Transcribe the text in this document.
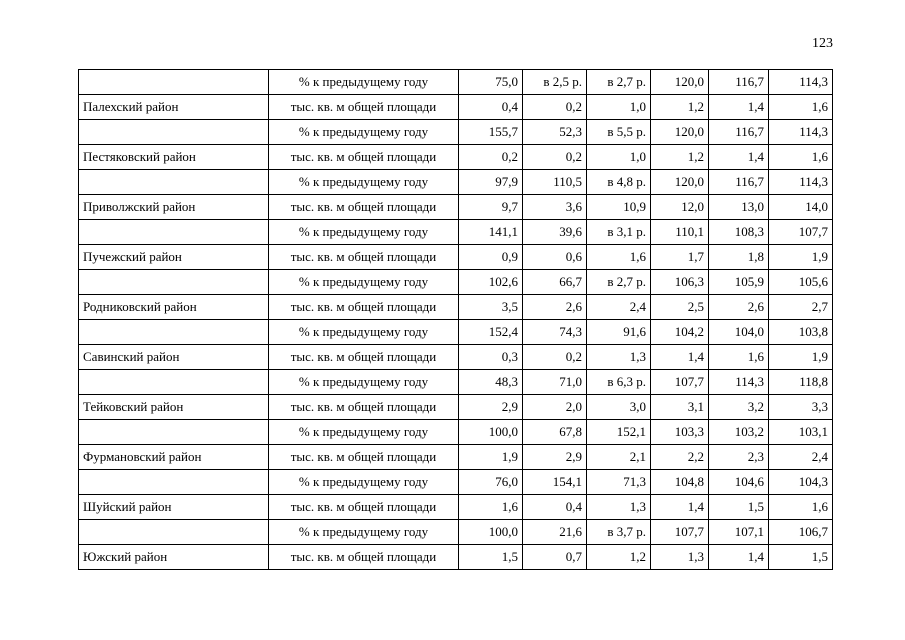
123
	% к предыдущему году	75,0	в 2,5 р.	в 2,7 р.	120,0	116,7	114,3
Палехский район	тыс. кв. м общей площади	0,4	0,2	1,0	1,2	1,4	1,6
	% к предыдущему году	155,7	52,3	в 5,5 р.	120,0	116,7	114,3
Пестяковский район	тыс. кв. м общей площади	0,2	0,2	1,0	1,2	1,4	1,6
	% к предыдущему году	97,9	110,5	в 4,8 р.	120,0	116,7	114,3
Приволжский район	тыс. кв. м общей площади	9,7	3,6	10,9	12,0	13,0	14,0
	% к предыдущему году	141,1	39,6	в 3,1 р.	110,1	108,3	107,7
Пучежский район	тыс. кв. м общей площади	0,9	0,6	1,6	1,7	1,8	1,9
	% к предыдущему году	102,6	66,7	в 2,7 р.	106,3	105,9	105,6
Родниковский район	тыс. кв. м общей площади	3,5	2,6	2,4	2,5	2,6	2,7
	% к предыдущему году	152,4	74,3	91,6	104,2	104,0	103,8
Савинский район	тыс. кв. м общей площади	0,3	0,2	1,3	1,4	1,6	1,9
	% к предыдущему году	48,3	71,0	в 6,3 р.	107,7	114,3	118,8
Тейковский район	тыс. кв. м общей площади	2,9	2,0	3,0	3,1	3,2	3,3
	% к предыдущему году	100,0	67,8	152,1	103,3	103,2	103,1
Фурмановский район	тыс. кв. м общей площади	1,9	2,9	2,1	2,2	2,3	2,4
	% к предыдущему году	76,0	154,1	71,3	104,8	104,6	104,3
Шуйский район	тыс. кв. м общей площади	1,6	0,4	1,3	1,4	1,5	1,6
	% к предыдущему году	100,0	21,6	в 3,7 р.	107,7	107,1	106,7
Южский район	тыс. кв. м общей площади	1,5	0,7	1,2	1,3	1,4	1,5
